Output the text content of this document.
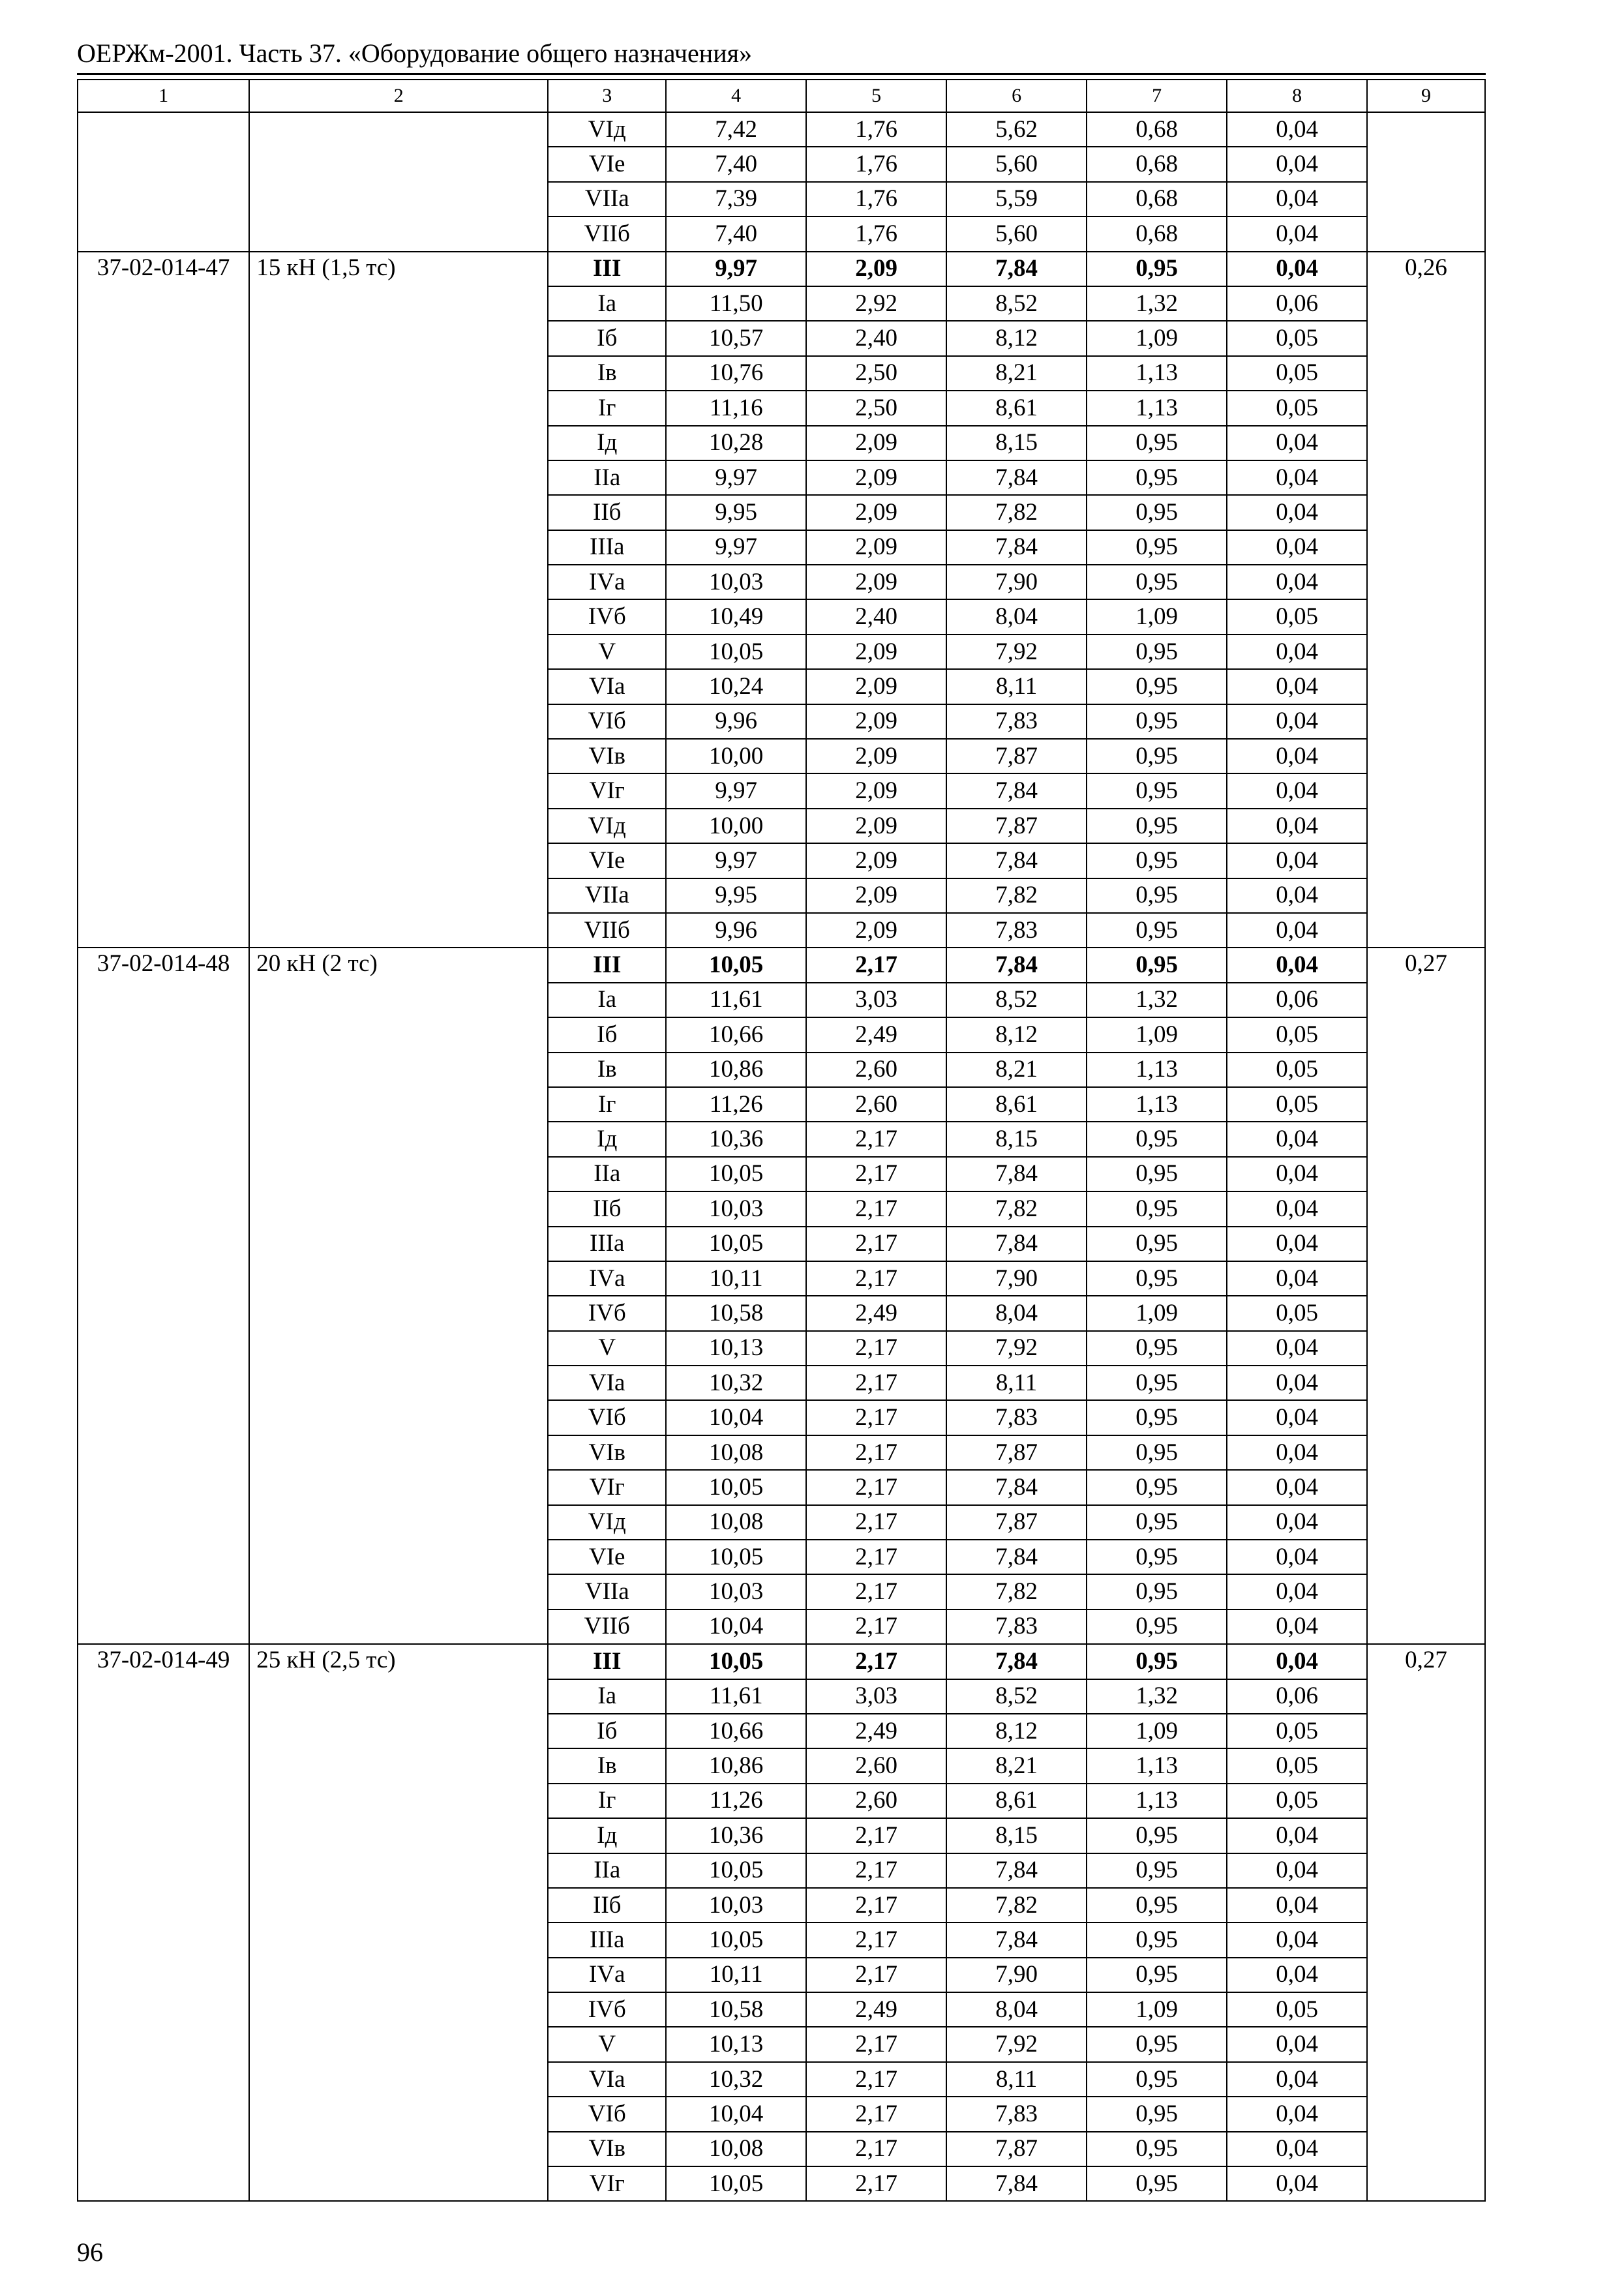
ОЕРЖм-2001. Часть 37. «Оборудование общего назначения»
1	2	3	4	5	6	7	8	9
		VIд	7,42	1,76	5,62	0,68	0,04	
		VIе	7,40	1,76	5,60	0,68	0,04	
		VIIа	7,39	1,76	5,59	0,68	0,04	
		VIIб	7,40	1,76	5,60	0,68	0,04	
37-02-014-47	15 кН (1,5 тс)	III	9,97	2,09	7,84	0,95	0,04	0,26
		Iа	11,50	2,92	8,52	1,32	0,06	
		Iб	10,57	2,40	8,12	1,09	0,05	
		Iв	10,76	2,50	8,21	1,13	0,05	
		Iг	11,16	2,50	8,61	1,13	0,05	
		Iд	10,28	2,09	8,15	0,95	0,04	
		IIа	9,97	2,09	7,84	0,95	0,04	
		IIб	9,95	2,09	7,82	0,95	0,04	
		IIIа	9,97	2,09	7,84	0,95	0,04	
		IVа	10,03	2,09	7,90	0,95	0,04	
		IVб	10,49	2,40	8,04	1,09	0,05	
		V	10,05	2,09	7,92	0,95	0,04	
		VIа	10,24	2,09	8,11	0,95	0,04	
		VIб	9,96	2,09	7,83	0,95	0,04	
		VIв	10,00	2,09	7,87	0,95	0,04	
		VIг	9,97	2,09	7,84	0,95	0,04	
		VIд	10,00	2,09	7,87	0,95	0,04	
		VIе	9,97	2,09	7,84	0,95	0,04	
		VIIа	9,95	2,09	7,82	0,95	0,04	
		VIIб	9,96	2,09	7,83	0,95	0,04	
37-02-014-48	20 кН (2 тс)	III	10,05	2,17	7,84	0,95	0,04	0,27
		Iа	11,61	3,03	8,52	1,32	0,06	
		Iб	10,66	2,49	8,12	1,09	0,05	
		Iв	10,86	2,60	8,21	1,13	0,05	
		Iг	11,26	2,60	8,61	1,13	0,05	
		Iд	10,36	2,17	8,15	0,95	0,04	
		IIа	10,05	2,17	7,84	0,95	0,04	
		IIб	10,03	2,17	7,82	0,95	0,04	
		IIIа	10,05	2,17	7,84	0,95	0,04	
		IVа	10,11	2,17	7,90	0,95	0,04	
		IVб	10,58	2,49	8,04	1,09	0,05	
		V	10,13	2,17	7,92	0,95	0,04	
		VIа	10,32	2,17	8,11	0,95	0,04	
		VIб	10,04	2,17	7,83	0,95	0,04	
		VIв	10,08	2,17	7,87	0,95	0,04	
		VIг	10,05	2,17	7,84	0,95	0,04	
		VIд	10,08	2,17	7,87	0,95	0,04	
		VIе	10,05	2,17	7,84	0,95	0,04	
		VIIа	10,03	2,17	7,82	0,95	0,04	
		VIIб	10,04	2,17	7,83	0,95	0,04	
37-02-014-49	25 кН (2,5 тс)	III	10,05	2,17	7,84	0,95	0,04	0,27
		Iа	11,61	3,03	8,52	1,32	0,06	
		Iб	10,66	2,49	8,12	1,09	0,05	
		Iв	10,86	2,60	8,21	1,13	0,05	
		Iг	11,26	2,60	8,61	1,13	0,05	
		Iд	10,36	2,17	8,15	0,95	0,04	
		IIа	10,05	2,17	7,84	0,95	0,04	
		IIб	10,03	2,17	7,82	0,95	0,04	
		IIIа	10,05	2,17	7,84	0,95	0,04	
		IVа	10,11	2,17	7,90	0,95	0,04	
		IVб	10,58	2,49	8,04	1,09	0,05	
		V	10,13	2,17	7,92	0,95	0,04	
		VIа	10,32	2,17	8,11	0,95	0,04	
		VIб	10,04	2,17	7,83	0,95	0,04	
		VIв	10,08	2,17	7,87	0,95	0,04	
		VIг	10,05	2,17	7,84	0,95	0,04	
96
